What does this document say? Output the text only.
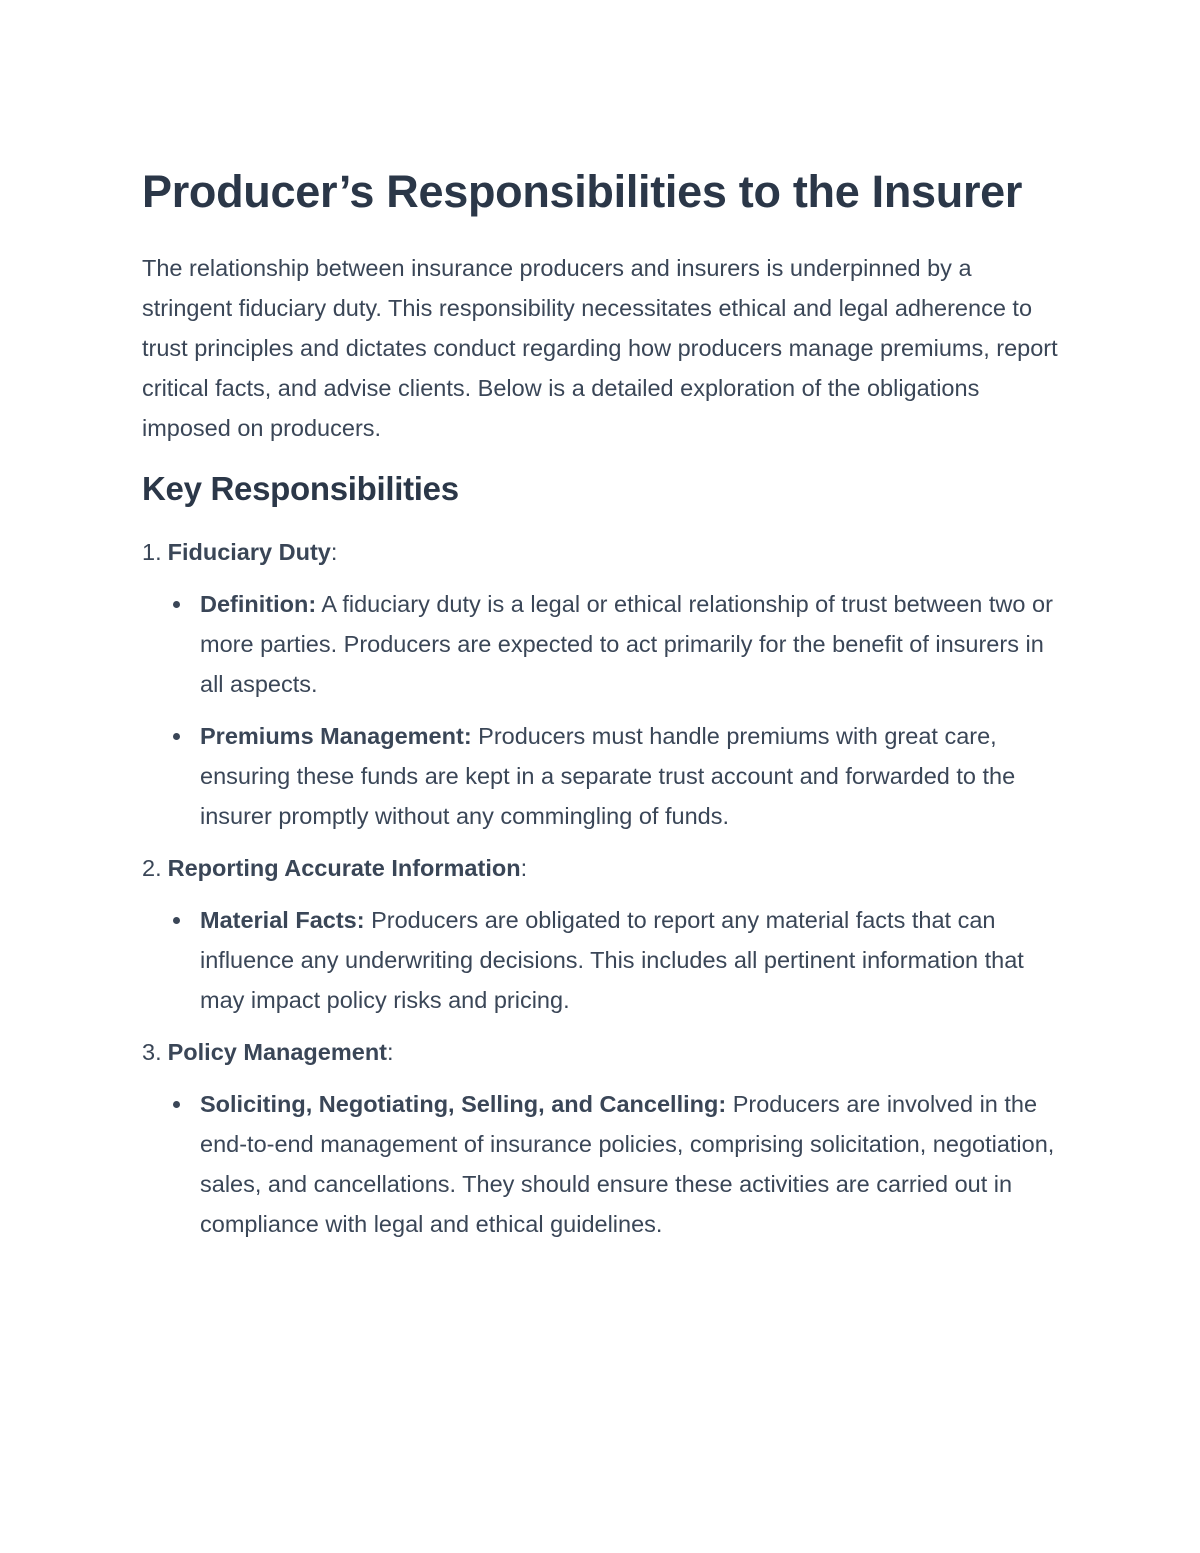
Producer’s Responsibilities to the Insurer

The relationship between insurance producers and insurers is underpinned by a stringent fiduciary duty. This responsibility necessitates ethical and legal adherence to trust principles and dictates conduct regarding how producers manage premiums, report critical facts, and advise clients. Below is a detailed exploration of the obligations imposed on producers.

Key Responsibilities
1. Fiduciary Duty:
Definition: A fiduciary duty is a legal or ethical relationship of trust between two or more parties. Producers are expected to act primarily for the benefit of insurers in all aspects.
Premiums Management: Producers must handle premiums with great care, ensuring these funds are kept in a separate trust account and forwarded to the insurer promptly without any commingling of funds.
2. Reporting Accurate Information:
Material Facts: Producers are obligated to report any material facts that can influence any underwriting decisions. This includes all pertinent information that may impact policy risks and pricing.
3. Policy Management:
Soliciting, Negotiating, Selling, and Cancelling: Producers are involved in the end-to-end management of insurance policies, comprising solicitation, negotiation, sales, and cancellations. They should ensure these activities are carried out in compliance with legal and ethical guidelines.
